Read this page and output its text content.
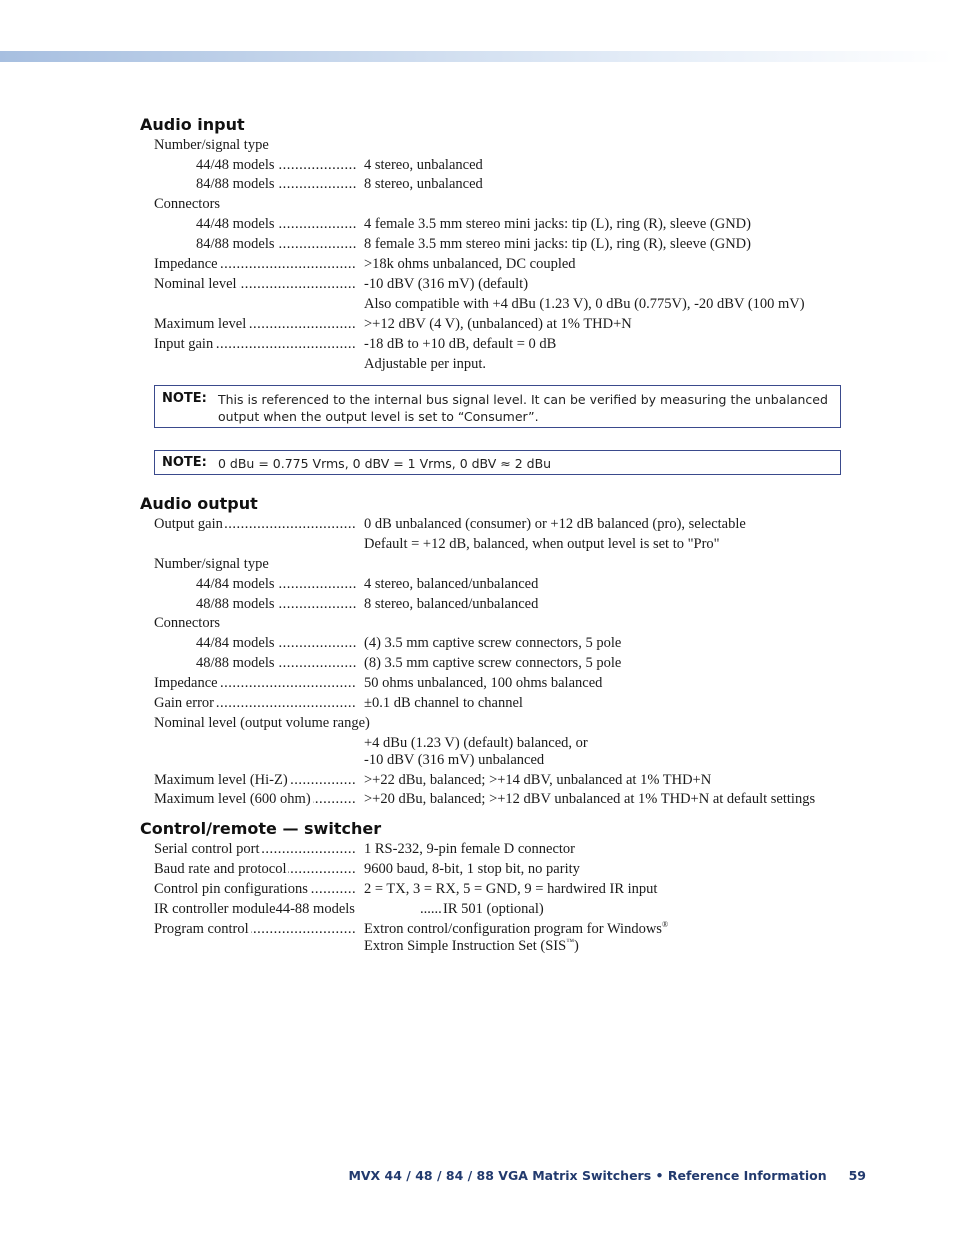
Audio input
Number/signal type
44/48 models .....	4 stereo, unbalanced
84/88 models .....	8 stereo, unbalanced
Connectors
44/48 models .....	4 female 3.5 mm stereo mini jacks: tip (L), ring (R), sleeve (GND)
84/88 models .....	8 female 3.5 mm stereo mini jacks: tip (L), ring (R), sleeve (GND)
Impedance .....	>18k ohms unbalanced, DC coupled
Nominal level .....	-10 dBV (316 mV) (default)
Also compatible with +4 dBu (1.23 V), 0 dBu (0.775V), -20 dBV (100 mV)
Maximum level .....	>+12 dBV (4 V), (unbalanced) at 1% THD+N
Input gain .....	-18 dB to +10 dB, default = 0 dB
Adjustable per input.
NOTE: This is referenced to the internal bus signal level. It can be verified by measuring the unbalanced output when the output level is set to “Consumer”.
NOTE: 0 dBu = 0.775 Vrms, 0 dBV = 1 Vrms, 0 dBV ≈ 2 dBu
Audio output
Output gain .....	0 dB unbalanced (consumer) or +12 dB balanced (pro), selectable
Default = +12 dB, balanced, when output level is set to "Pro"
Number/signal type
44/84 models .....	4 stereo, balanced/unbalanced
48/88 models .....	8 stereo, balanced/unbalanced
Connectors
44/84 models .....	(4) 3.5 mm captive screw connectors, 5 pole
48/88 models .....	(8) 3.5 mm captive screw connectors, 5 pole
Impedance .....	50 ohms unbalanced, 100 ohms balanced
Gain error .....	±0.1 dB channel to channel
Nominal level (output volume range)
+4 dBu (1.23 V) (default) balanced, or
-10 dBV (316 mV) unbalanced
Maximum level (Hi-Z) .....	>+22 dBu, balanced; >+14 dBV, unbalanced at 1% THD+N
Maximum level (600 ohm) .....	>+20 dBu, balanced; >+12 dBV unbalanced at 1% THD+N at default settings
Control/remote — switcher
Serial control port .....	1 RS-232, 9-pin female D connector
Baud rate and protocol .....	9600 baud, 8-bit, 1 stop bit, no parity
Control pin configurations .....	2 = TX, 3 = RX, 5 = GND, 9 = hardwired IR input
IR controller module44-88 models	...... IR 501 (optional)
Program control .....	Extron control/configuration program for Windows®
Extron Simple Instruction Set (SIS™)
MVX 44 / 48 / 84 / 88 VGA Matrix Switchers • Reference Information 59
